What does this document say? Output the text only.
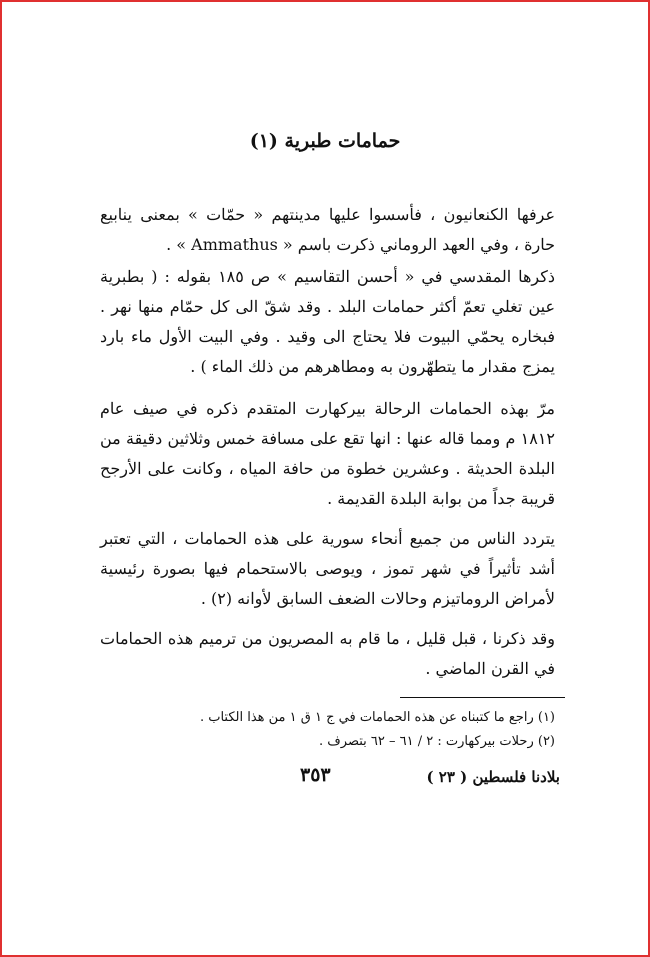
حمامات طبرية (١)
عرفها الكنعانيون ، فأسسوا عليها مدينتهم « حمّات » بمعنى ينابيع حارة ، وفي العهد الروماني ذكرت باسم « Ammathus » .
ذكرها المقدسي في « أحسن التقاسيم » ص ١٨٥ بقوله : ( بطبرية عين تغلي تعمّ أكثر حمامات البلد . وقد شقّ الى كل حمّام منها نهر . فبخاره يحمّي البيوت فلا يحتاج الى وقيد . وفي البيت الأول ماء بارد يمزج مقدار ما يتطهّرون به ومطاهرهم من ذلك الماء ) .
مرّ بهذه الحمامات الرحالة بيركهارت المتقدم ذكره في صيف عام ١٨١٢ م ومما قاله عنها : انها تقع على مسافة خمس وثلاثين دقيقة من البلدة الحديثة . وعشرين خطوة من حافة المياه ، وكانت على الأرجح قريبة جداً من بوابة البلدة القديمة .
يتردد الناس من جميع أنحاء سورية على هذه الحمامات ، التي تعتبر أشد تأثيراً في شهر تموز ، ويوصى بالاستحمام فيها بصورة رئيسية لأمراض الروماتيزم وحالات الضعف السابق لأوانه (٢) .
وقد ذكرنا ، قبل قليل ، ما قام به المصريون من ترميم هذه الحمامات في القرن الماضي .
(١) راجع ما كتبناه عن هذه الحمامات في ج ١ ق ١ من هذا الكتاب .
(٢) رحلات بيركهارت : ٢ / ٦١ – ٦٢ بتصرف .
بلادنا فلسطين ( ٢٣ )
٣٥٣
